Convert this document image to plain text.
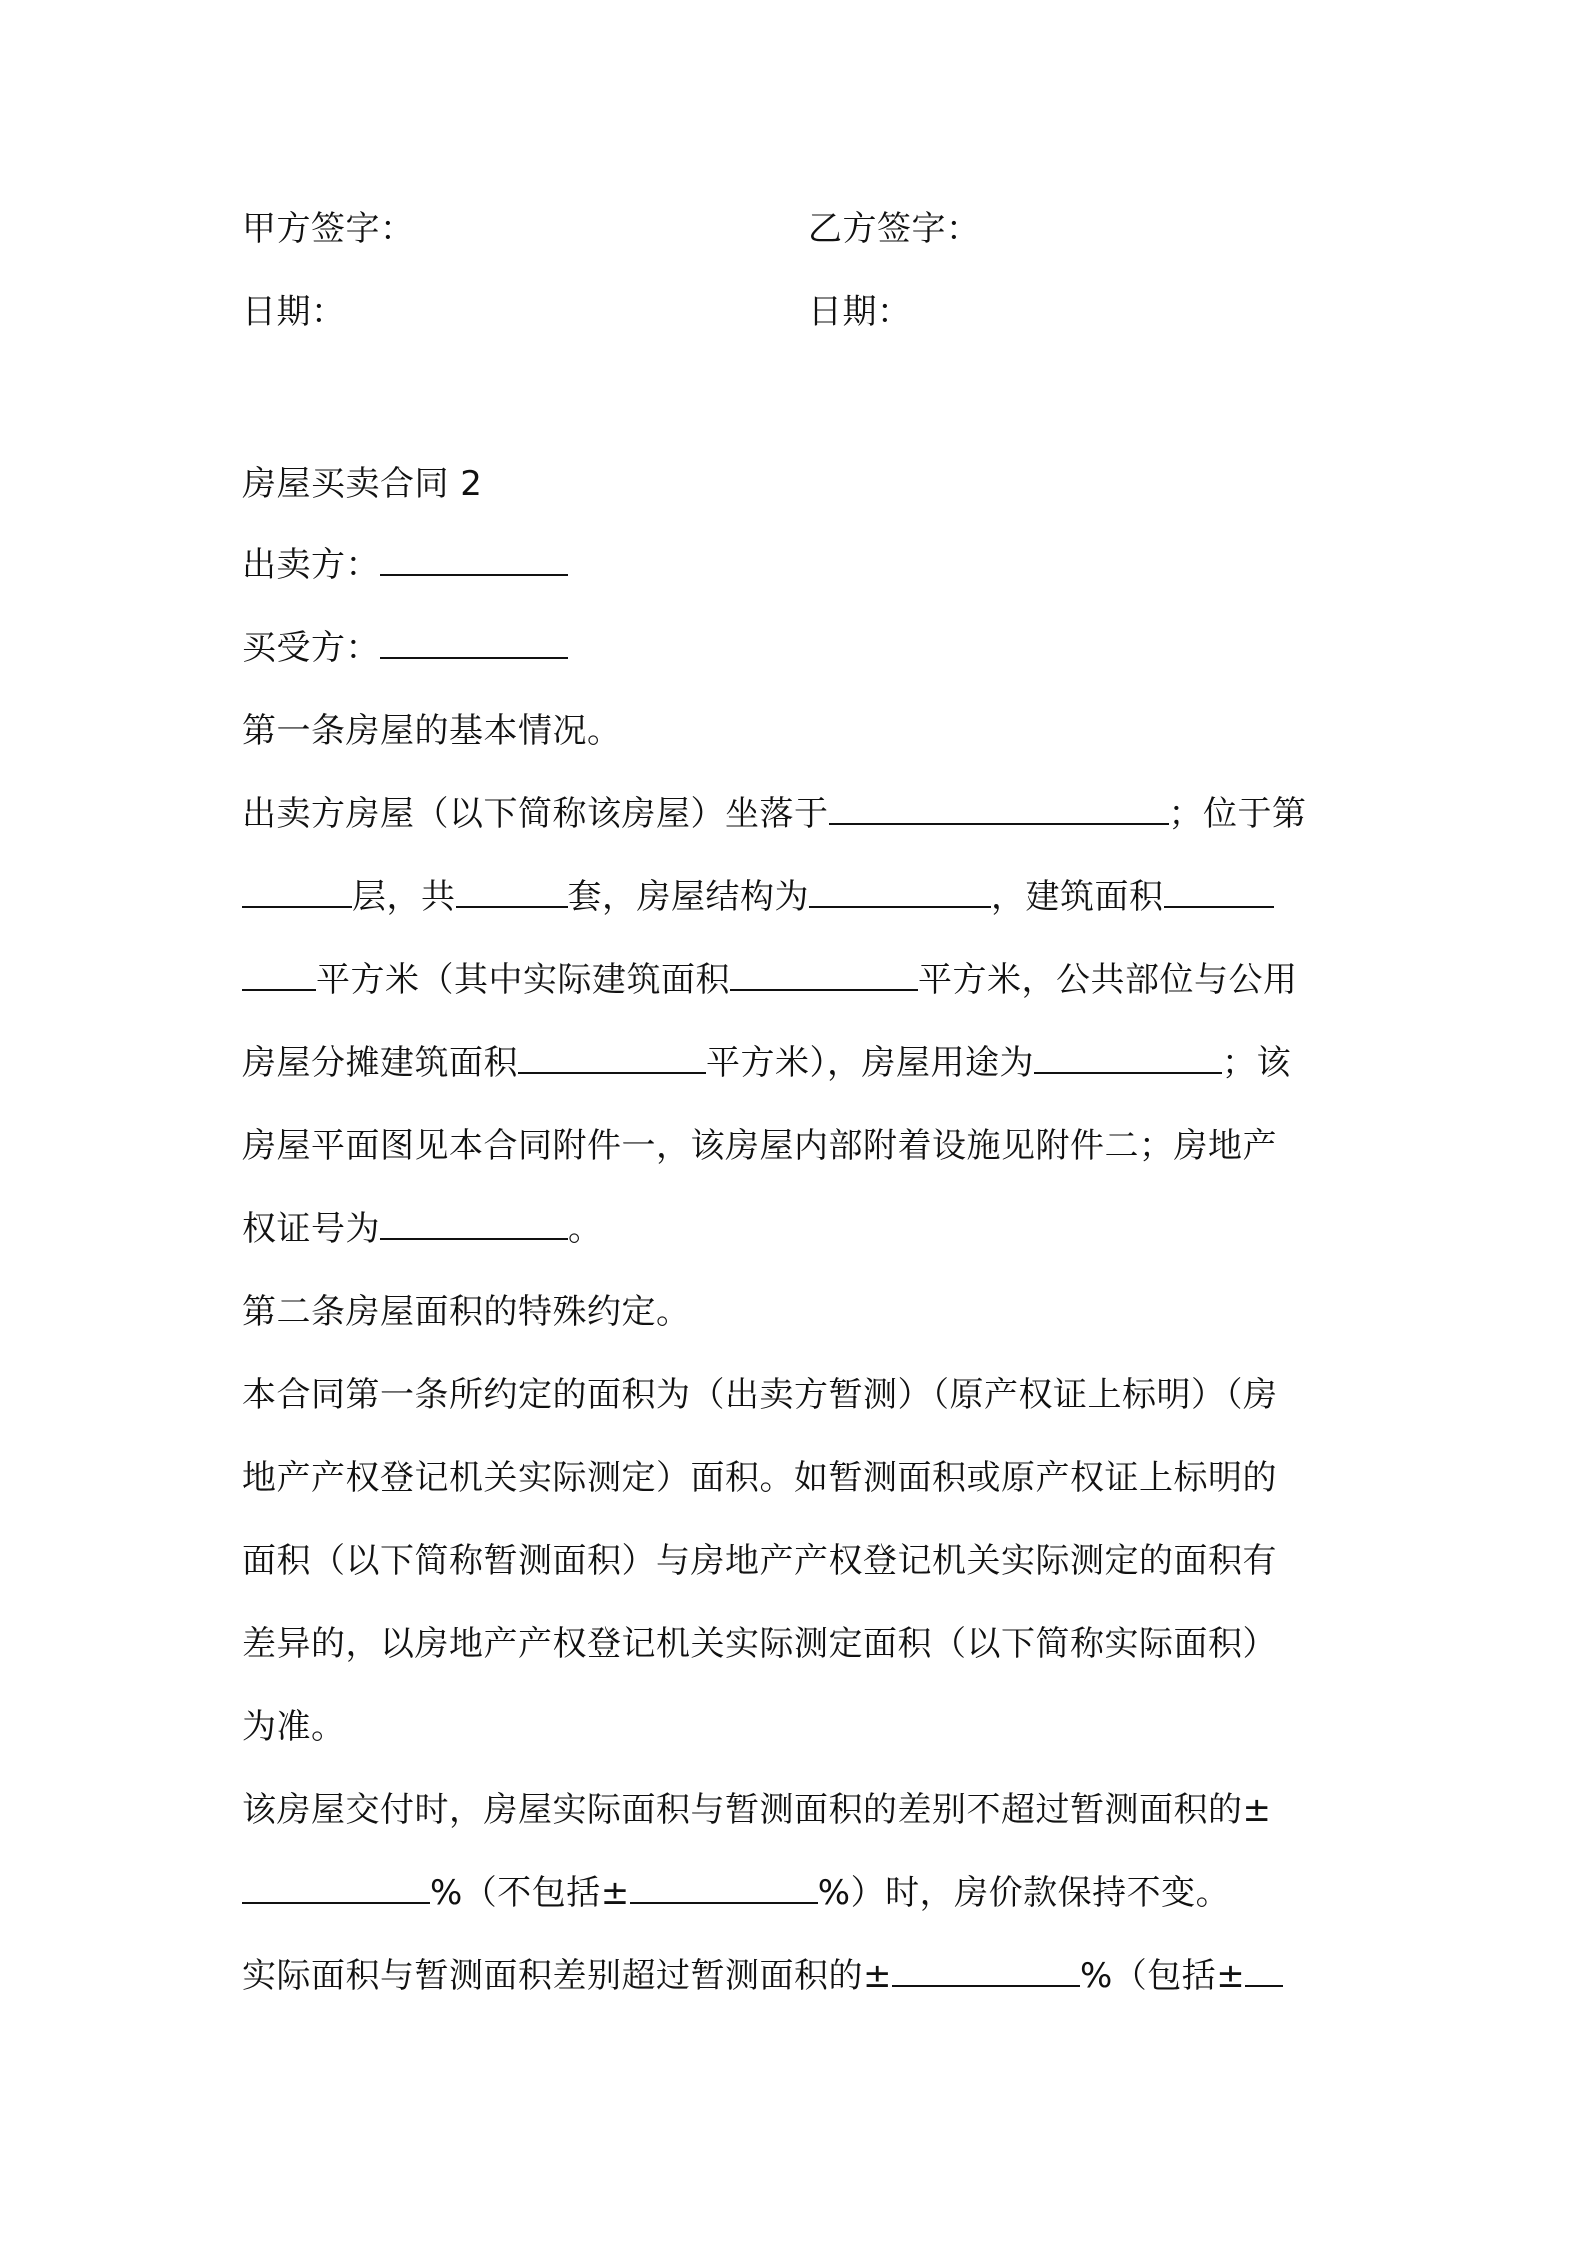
甲方签字：	乙方签字：
日期：	日期：
房屋买卖合同 2
出卖方：
买受方：
第一条房屋的基本情况。
出卖方房屋（以下简称该房屋）坐落于	；位于第
层，共	套，房屋结构为	，建筑面积
平方米（其中实际建筑面积	平方米，公共部位与公用
房屋分摊建筑面积	平方米），房屋用途为	；该
房屋平面图见本合同附件一，该房屋内部附着设施见附件二；房地产
权证号为	。
第二条房屋面积的特殊约定。
本合同第一条所约定的面积为（出卖方暂测）（原产权证上标明）（房
地产产权登记机关实际测定）面积。如暂测面积或原产权证上标明的
面积（以下简称暂测面积）与房地产产权登记机关实际测定的面积有
差异的，以房地产产权登记机关实际测定面积（以下简称实际面积）
为准。
该房屋交付时，房屋实际面积与暂测面积的差别不超过暂测面积的±
%（不包括±	%）时，房价款保持不变。
实际面积与暂测面积差别超过暂测面积的±	%（包括±
